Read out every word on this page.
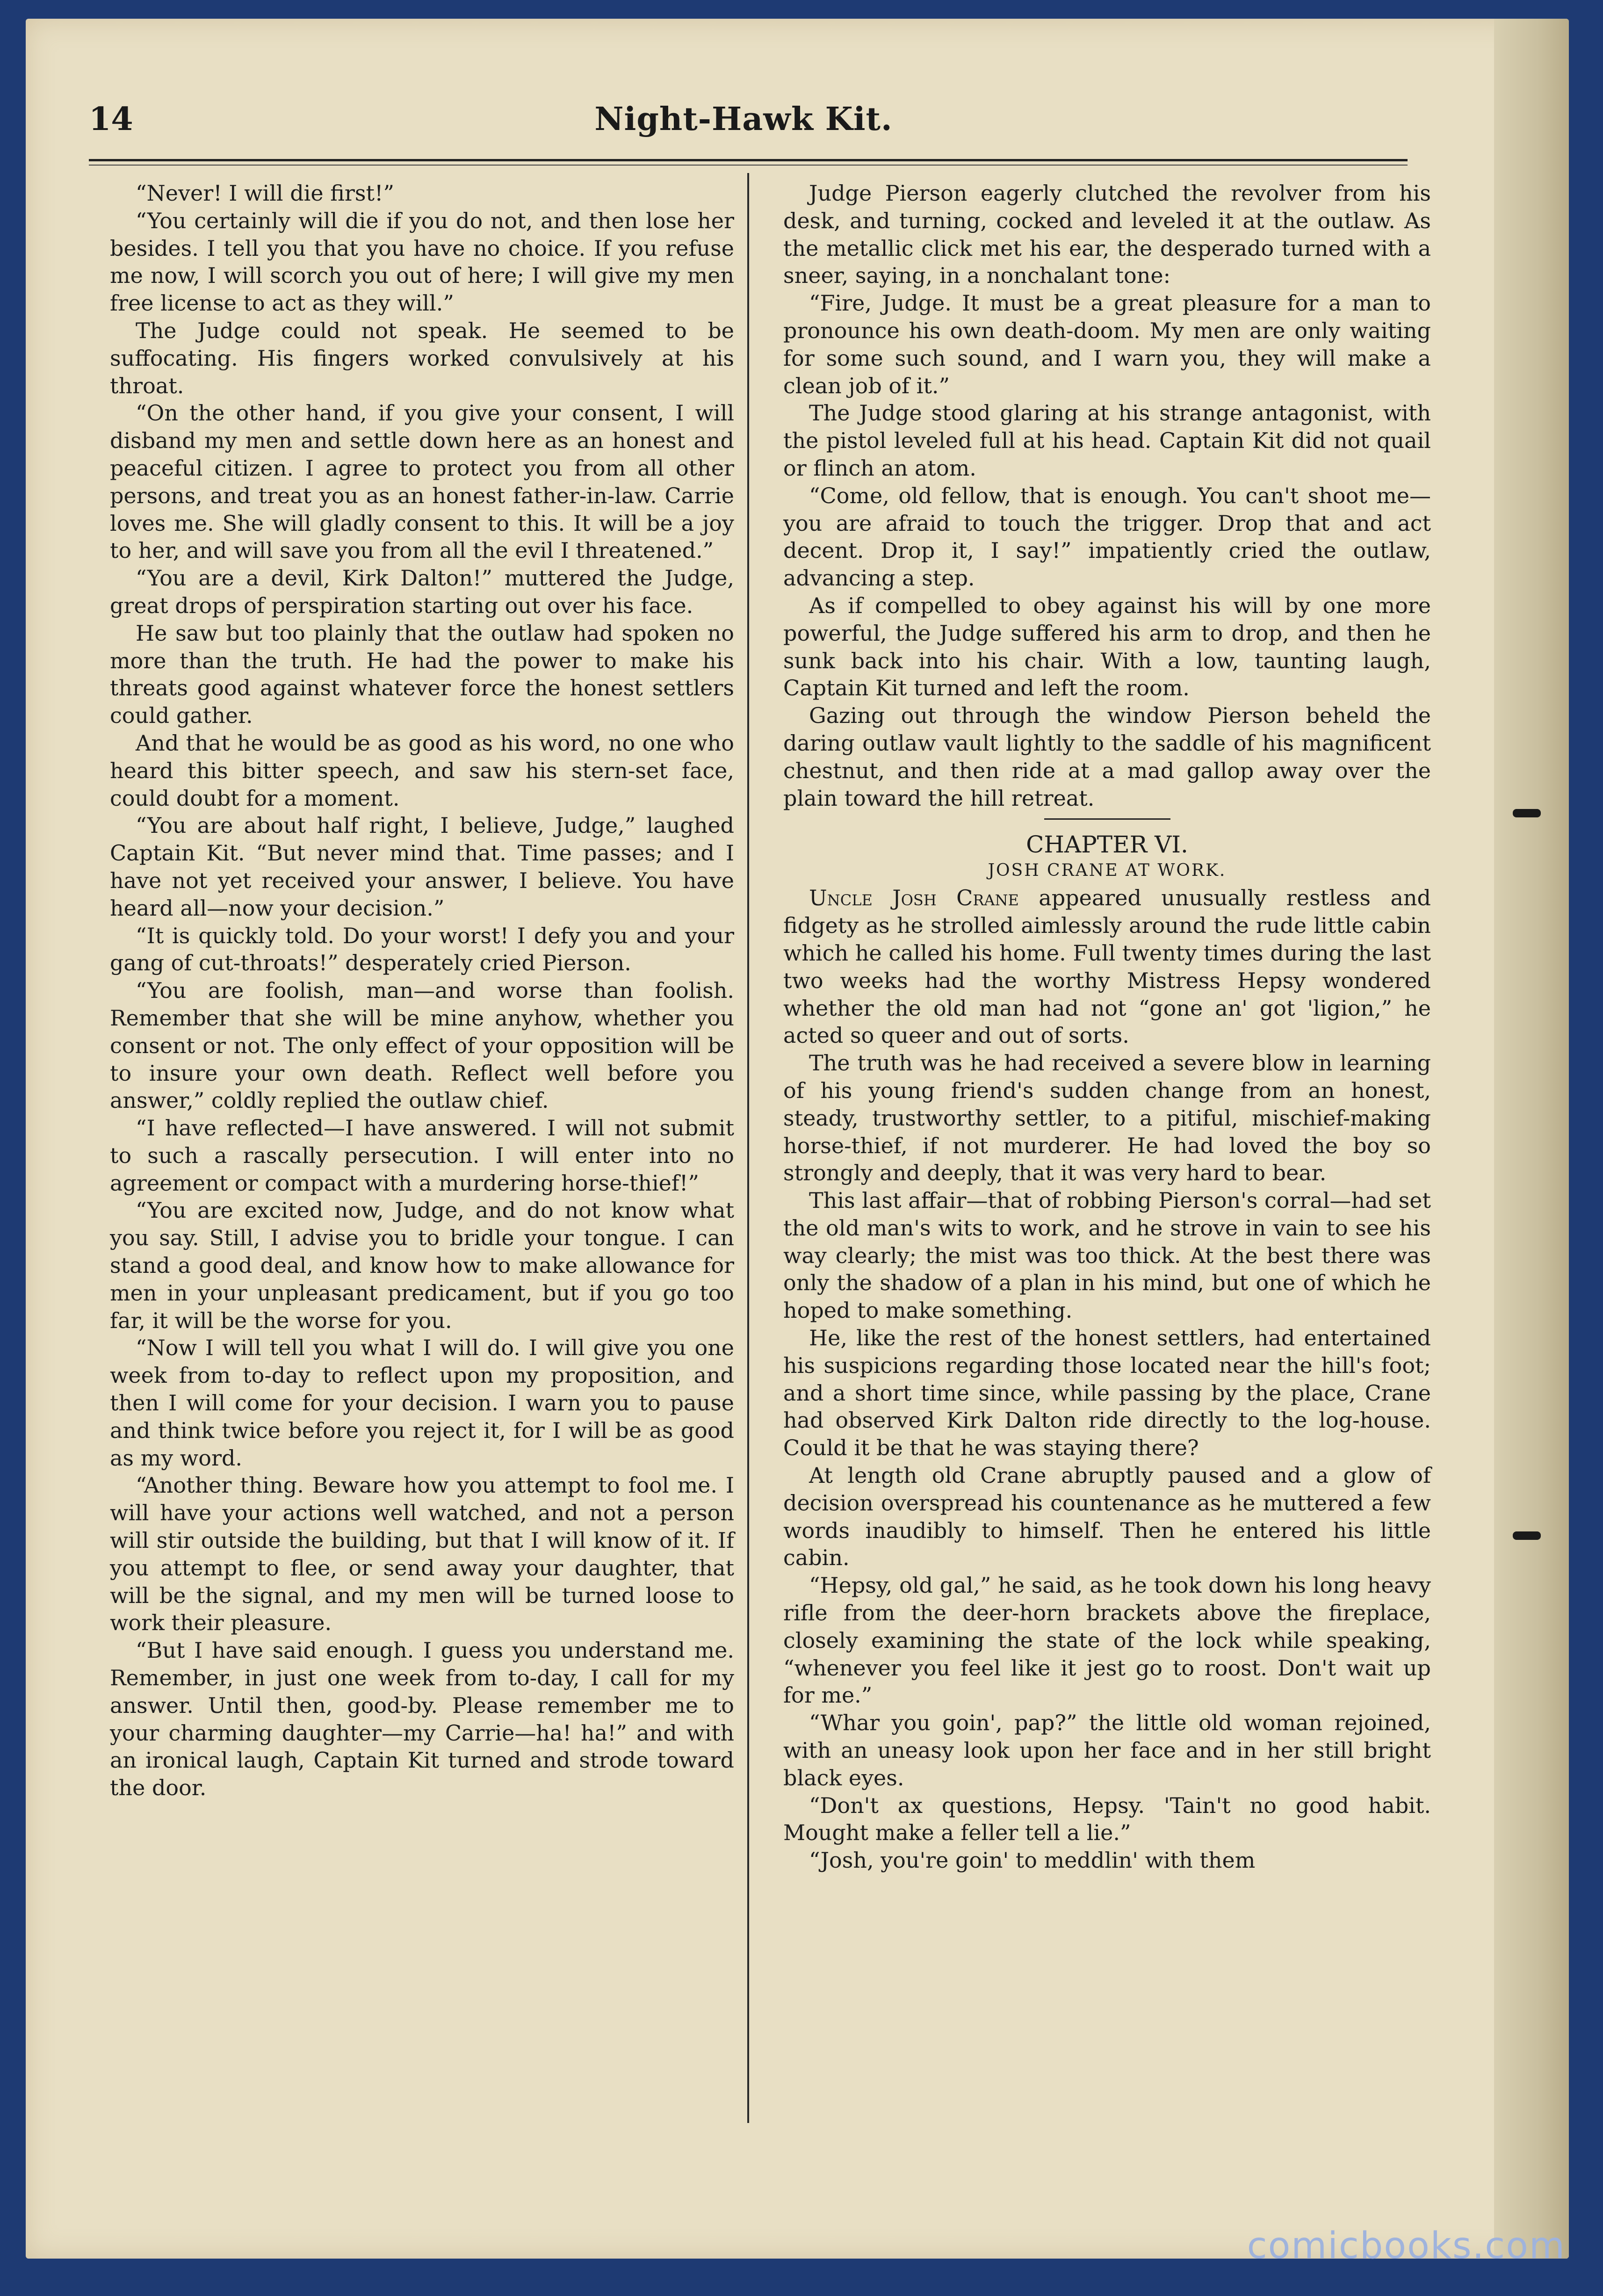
14	Night-Hawk Kit.

“Never! I will die first!”

“You certainly will die if you do not, and then lose her besides. I tell you that you have no choice. If you refuse me now, I will scorch you out of here; I will give my men free license to act as they will.”

The Judge could not speak. He seemed to be suffocating. His fingers worked convulsively at his throat.

“On the other hand, if you give your consent, I will disband my men and settle down here as an honest and peaceful citizen. I agree to protect you from all other persons, and treat you as an honest father-in-law. Carrie loves me. She will gladly consent to this. It will be a joy to her, and will save you from all the evil I threatened.”

“You are a devil, Kirk Dalton!” muttered the Judge, great drops of perspiration starting out over his face.

He saw but too plainly that the outlaw had spoken no more than the truth. He had the power to make his threats good against whatever force the honest settlers could gather.

And that he would be as good as his word, no one who heard this bitter speech, and saw his stern-set face, could doubt for a moment.

“You are about half right, I believe, Judge,” laughed Captain Kit. “But never mind that. Time passes; and I have not yet received your answer, I believe. You have heard all—now your decision.”

“It is quickly told. Do your worst! I defy you and your gang of cut-throats!” desperately cried Pierson.

“You are foolish, man—and worse than foolish. Remember that she will be mine anyhow, whether you consent or not. The only effect of your opposition will be to insure your own death. Reflect well before you answer,” coldly replied the outlaw chief.

“I have reflected—I have answered. I will not submit to such a rascally persecution. I will enter into no agreement or compact with a murdering horse-thief!”

“You are excited now, Judge, and do not know what you say. Still, I advise you to bridle your tongue. I can stand a good deal, and know how to make allowance for men in your unpleasant predicament, but if you go too far, it will be the worse for you.

“Now I will tell you what I will do. I will give you one week from to-day to reflect upon my proposition, and then I will come for your decision. I warn you to pause and think twice before you reject it, for I will be as good as my word.

“Another thing. Beware how you attempt to fool me. I will have your actions well watched, and not a person will stir outside the building, but that I will know of it. If you attempt to flee, or send away your daughter, that will be the signal, and my men will be turned loose to work their pleasure.

“But I have said enough. I guess you understand me. Remember, in just one week from to-day, I call for my answer. Until then, good-by. Please remember me to your charming daughter—my Carrie—ha! ha!” and with an ironical laugh, Captain Kit turned and strode toward the door.

Judge Pierson eagerly clutched the revolver from his desk, and turning, cocked and leveled it at the outlaw. As the metallic click met his ear, the desperado turned with a sneer, saying, in a nonchalant tone:

“Fire, Judge. It must be a great pleasure for a man to pronounce his own death-doom. My men are only waiting for some such sound, and I warn you, they will make a clean job of it.”

The Judge stood glaring at his strange antagonist, with the pistol leveled full at his head. Captain Kit did not quail or flinch an atom.

“Come, old fellow, that is enough. You can't shoot me—you are afraid to touch the trigger. Drop that and act decent. Drop it, I say!” impatiently cried the outlaw, advancing a step.

As if compelled to obey against his will by one more powerful, the Judge suffered his arm to drop, and then he sunk back into his chair. With a low, taunting laugh, Captain Kit turned and left the room.

Gazing out through the window Pierson beheld the daring outlaw vault lightly to the saddle of his magnificent chestnut, and then ride at a mad gallop away over the plain toward the hill retreat.

CHAPTER VI.
JOSH CRANE AT WORK.

Uncle Josh Crane appeared unusually restless and fidgety as he strolled aimlessly around the rude little cabin which he called his home. Full twenty times during the last two weeks had the worthy Mistress Hepsy wondered whether the old man had not “gone an' got 'ligion,” he acted so queer and out of sorts.

The truth was he had received a severe blow in learning of his young friend's sudden change from an honest, steady, trustworthy settler, to a pitiful, mischief-making horse-thief, if not murderer. He had loved the boy so strongly and deeply, that it was very hard to bear.

This last affair—that of robbing Pierson's corral—had set the old man's wits to work, and he strove in vain to see his way clearly; the mist was too thick. At the best there was only the shadow of a plan in his mind, but one of which he hoped to make something.

He, like the rest of the honest settlers, had entertained his suspicions regarding those located near the hill's foot; and a short time since, while passing by the place, Crane had observed Kirk Dalton ride directly to the log-house. Could it be that he was staying there?

At length old Crane abruptly paused and a glow of decision overspread his countenance as he muttered a few words inaudibly to himself. Then he entered his little cabin.

“Hepsy, old gal,” he said, as he took down his long heavy rifle from the deer-horn brackets above the fireplace, closely examining the state of the lock while speaking, “whenever you feel like it jest go to roost. Don't wait up for me.”

“Whar you goin', pap?” the little old woman rejoined, with an uneasy look upon her face and in her still bright black eyes.

“Don't ax questions, Hepsy. 'Tain't no good habit. Mought make a feller tell a lie.”

“Josh, you're goin' to meddlin' with them

comicbooks.com
